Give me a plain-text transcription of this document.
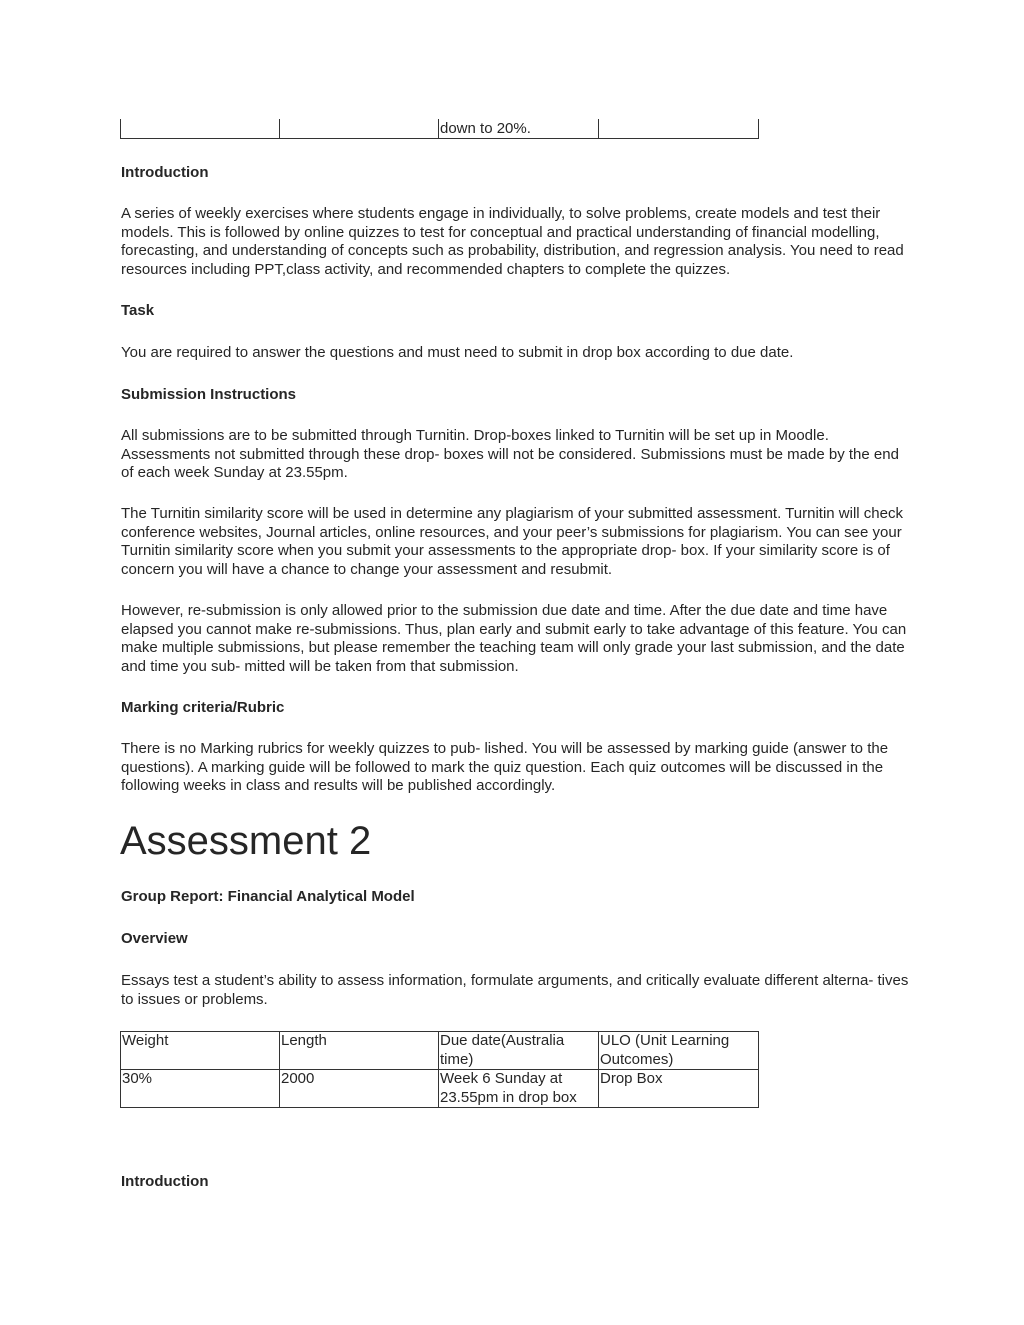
		down to 20%.	
Introduction

A series of weekly exercises where students engage in individually, to solve problems, create models and test their models. This is followed by online quizzes to test for conceptual and practical understanding of financial modelling, forecasting, and understanding of concepts such as probability, distribution, and regression analysis. You need to read resources including PPT,class activity, and recommended chapters to complete the quizzes.

Task

You are required to answer the questions and must need to submit in drop box according to due date.

Submission Instructions

All submissions are to be submitted through Turnitin. Drop-boxes linked to Turnitin will be set up in Moodle. Assessments not submitted through these drop- boxes will not be considered. Submissions must be made by the end of each week Sunday at 23.55pm.

The Turnitin similarity score will be used in determine any plagiarism of your submitted assessment. Turnitin will check conference websites, Journal articles, online resources, and your peer’s submissions for plagiarism. You can see your Turnitin similarity score when you submit your assessments to the appropriate drop- box. If your similarity score is of concern you will have a chance to change your assessment and resubmit.

However, re-submission is only allowed prior to the submission due date and time. After the due date and time have elapsed you cannot make re-submissions. Thus, plan early and submit early to take advantage of this feature. You can make multiple submissions, but please remember the teaching team will only grade your last submission, and the date and time you sub- mitted will be taken from that submission.

Marking criteria/Rubric

There is no Marking rubrics for weekly quizzes to pub- lished. You will be assessed by marking guide (answer to the questions). A marking guide will be followed to mark the quiz question. Each quiz outcomes will be discussed in the following weeks in class and results will be published accordingly.

Assessment 2
Group Report: Financial Analytical Model
Overview

Essays test a student’s ability to assess information, formulate arguments, and critically evaluate different alterna- tives to issues or problems.

Weight	Length	Due date(Australia time)	ULO (Unit Learning Outcomes)
30%	2000	Week 6 Sunday at 23.55pm in drop box	Drop Box
Introduction
